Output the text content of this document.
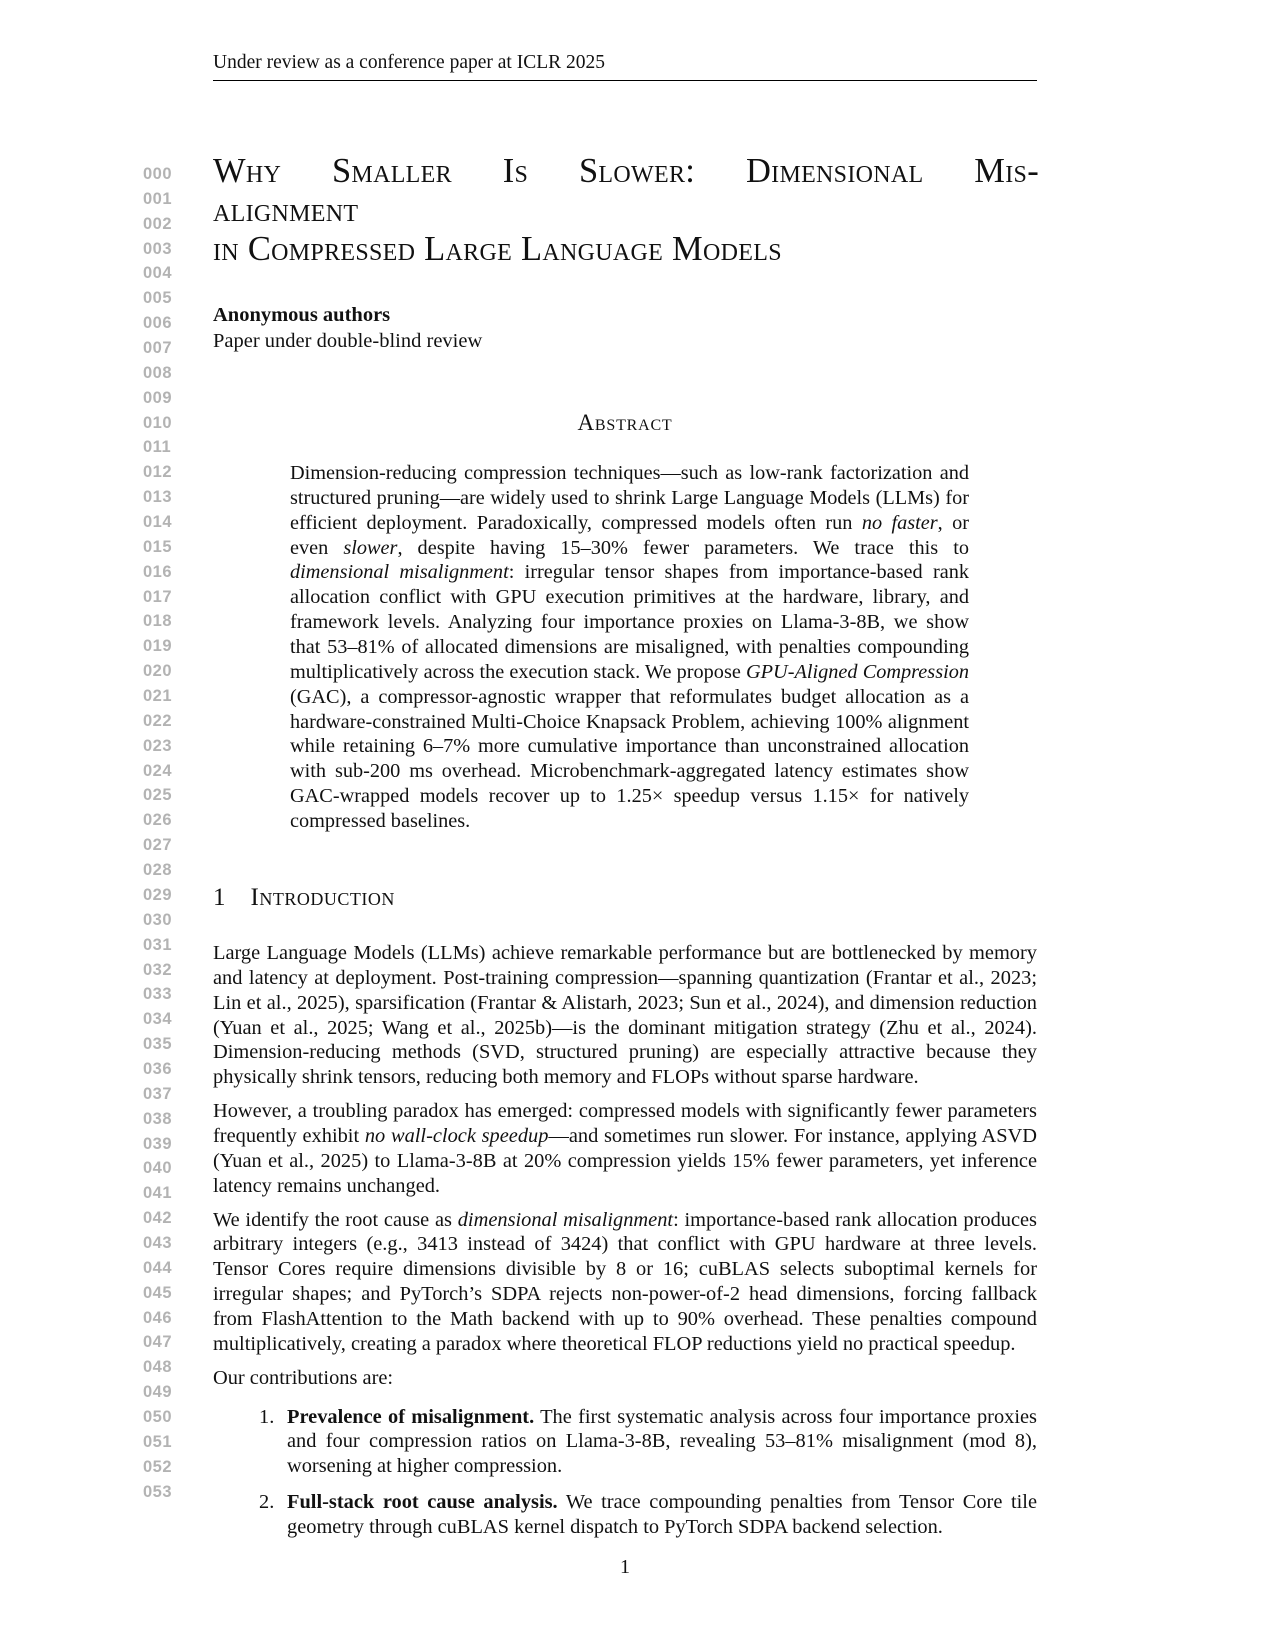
Under review as a conference paper at ICLR 2025
000
001
002
003
004
005
006
007
008
009
010
011
012
013
014
015
016
017
018
019
020
021
022
023
024
025
026
027
028
029
030
031
032
033
034
035
036
037
038
039
040
041
042
043
044
045
046
047
048
049
050
051
052
053
Why Smaller Is Slower: Dimensional Mis-
alignment
in Compressed Large Language Models
Anonymous authors
Paper under double-blind review
Abstract
Dimension-reducing compression techniques—such as low-rank factorization and structured pruning—are widely used to shrink Large Language Models (LLMs) for efficient deployment. Paradoxically, compressed models often run no faster, or even slower, despite having 15–30% fewer parameters. We trace this to dimensional misalignment: irregular tensor shapes from importance-based rank allocation conflict with GPU execution primitives at the hardware, library, and framework levels. Analyzing four importance proxies on Llama-3-8B, we show that 53–81% of allocated dimensions are misaligned, with penalties compounding multiplicatively across the execution stack. We propose GPU-Aligned Compression (GAC), a compressor-agnostic wrapper that reformulates budget allocation as a hardware-constrained Multi-Choice Knapsack Problem, achieving 100% alignment while retaining 6–7% more cumulative importance than unconstrained allocation with sub-200 ms overhead. Microbenchmark-aggregated latency estimates show GAC-wrapped models recover up to 1.25× speedup versus 1.15× for natively compressed baselines.
1 Introduction

Large Language Models (LLMs) achieve remarkable performance but are bottlenecked by memory and latency at deployment. Post-training compression—spanning quantization (Frantar et al., 2023; Lin et al., 2025), sparsification (Frantar & Alistarh, 2023; Sun et al., 2024), and dimension reduction (Yuan et al., 2025; Wang et al., 2025b)—is the dominant mitigation strategy (Zhu et al., 2024). Dimension-reducing methods (SVD, structured pruning) are especially attractive because they physically shrink tensors, reducing both memory and FLOPs without sparse hardware.

However, a troubling paradox has emerged: compressed models with significantly fewer parameters frequently exhibit no wall-clock speedup—and sometimes run slower. For instance, applying ASVD (Yuan et al., 2025) to Llama-3-8B at 20% compression yields 15% fewer parameters, yet inference latency remains unchanged.

We identify the root cause as dimensional misalignment: importance-based rank allocation produces arbitrary integers (e.g., 3413 instead of 3424) that conflict with GPU hardware at three levels. Tensor Cores require dimensions divisible by 8 or 16; cuBLAS selects suboptimal kernels for irregular shapes; and PyTorch’s SDPA rejects non-power-of-2 head dimensions, forcing fallback from FlashAttention to the Math backend with up to 90% overhead. These penalties compound multiplicatively, creating a paradox where theoretical FLOP reductions yield no practical speedup.

Our contributions are:

1. Prevalence of misalignment. The first systematic analysis across four importance proxies and four compression ratios on Llama-3-8B, revealing 53–81% misalignment (mod 8), worsening at higher compression.
2. Full-stack root cause analysis. We trace compounding penalties from Tensor Core tile geometry through cuBLAS kernel dispatch to PyTorch SDPA backend selection.
1
